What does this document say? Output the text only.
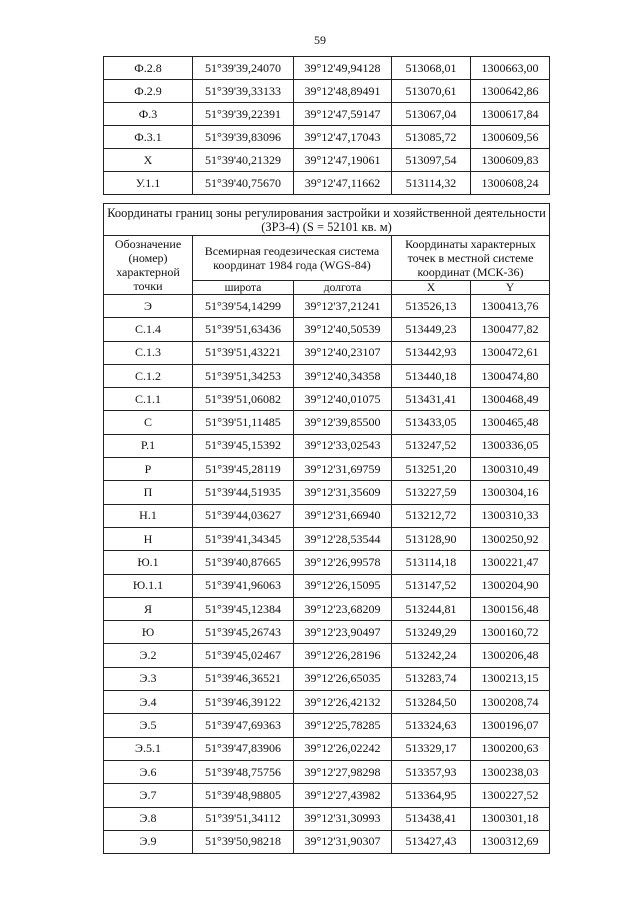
59
Ф.2.8	51°39'39,24070	39°12'49,94128	513068,01	1300663,00
Ф.2.9	51°39'39,33133	39°12'48,89491	513070,61	1300642,86
Ф.3	51°39'39,22391	39°12'47,59147	513067,04	1300617,84
Ф.3.1	51°39'39,83096	39°12'47,17043	513085,72	1300609,56
Х	51°39'40,21329	39°12'47,19061	513097,54	1300609,83
У.1.1	51°39'40,75670	39°12'47,11662	513114,32	1300608,24
Координаты границ зоны регулирования застройки и хозяйственной деятельности (ЗРЗ-4) (S = 52101 кв. м)				
Обозначение (номер) характерной точки	Всемирная геодезическая система координат 1984 года (WGS-84)		Координаты характерных точек в местной системе координат (МСК-36)	
	широта	долгота	X	Y
Э	51°39'54,14299	39°12'37,21241	513526,13	1300413,76
С.1.4	51°39'51,63436	39°12'40,50539	513449,23	1300477,82
С.1.3	51°39'51,43221	39°12'40,23107	513442,93	1300472,61
С.1.2	51°39'51,34253	39°12'40,34358	513440,18	1300474,80
С.1.1	51°39'51,06082	39°12'40,01075	513431,41	1300468,49
С	51°39'51,11485	39°12'39,85500	513433,05	1300465,48
Р.1	51°39'45,15392	39°12'33,02543	513247,52	1300336,05
Р	51°39'45,28119	39°12'31,69759	513251,20	1300310,49
П	51°39'44,51935	39°12'31,35609	513227,59	1300304,16
Н.1	51°39'44,03627	39°12'31,66940	513212,72	1300310,33
Н	51°39'41,34345	39°12'28,53544	513128,90	1300250,92
Ю.1	51°39'40,87665	39°12'26,99578	513114,18	1300221,47
Ю.1.1	51°39'41,96063	39°12'26,15095	513147,52	1300204,90
Я	51°39'45,12384	39°12'23,68209	513244,81	1300156,48
Ю	51°39'45,26743	39°12'23,90497	513249,29	1300160,72
Э.2	51°39'45,02467	39°12'26,28196	513242,24	1300206,48
Э.3	51°39'46,36521	39°12'26,65035	513283,74	1300213,15
Э.4	51°39'46,39122	39°12'26,42132	513284,50	1300208,74
Э.5	51°39'47,69363	39°12'25,78285	513324,63	1300196,07
Э.5.1	51°39'47,83906	39°12'26,02242	513329,17	1300200,63
Э.6	51°39'48,75756	39°12'27,98298	513357,93	1300238,03
Э.7	51°39'48,98805	39°12'27,43982	513364,95	1300227,52
Э.8	51°39'51,34112	39°12'31,30993	513438,41	1300301,18
Э.9	51°39'50,98218	39°12'31,90307	513427,43	1300312,69
